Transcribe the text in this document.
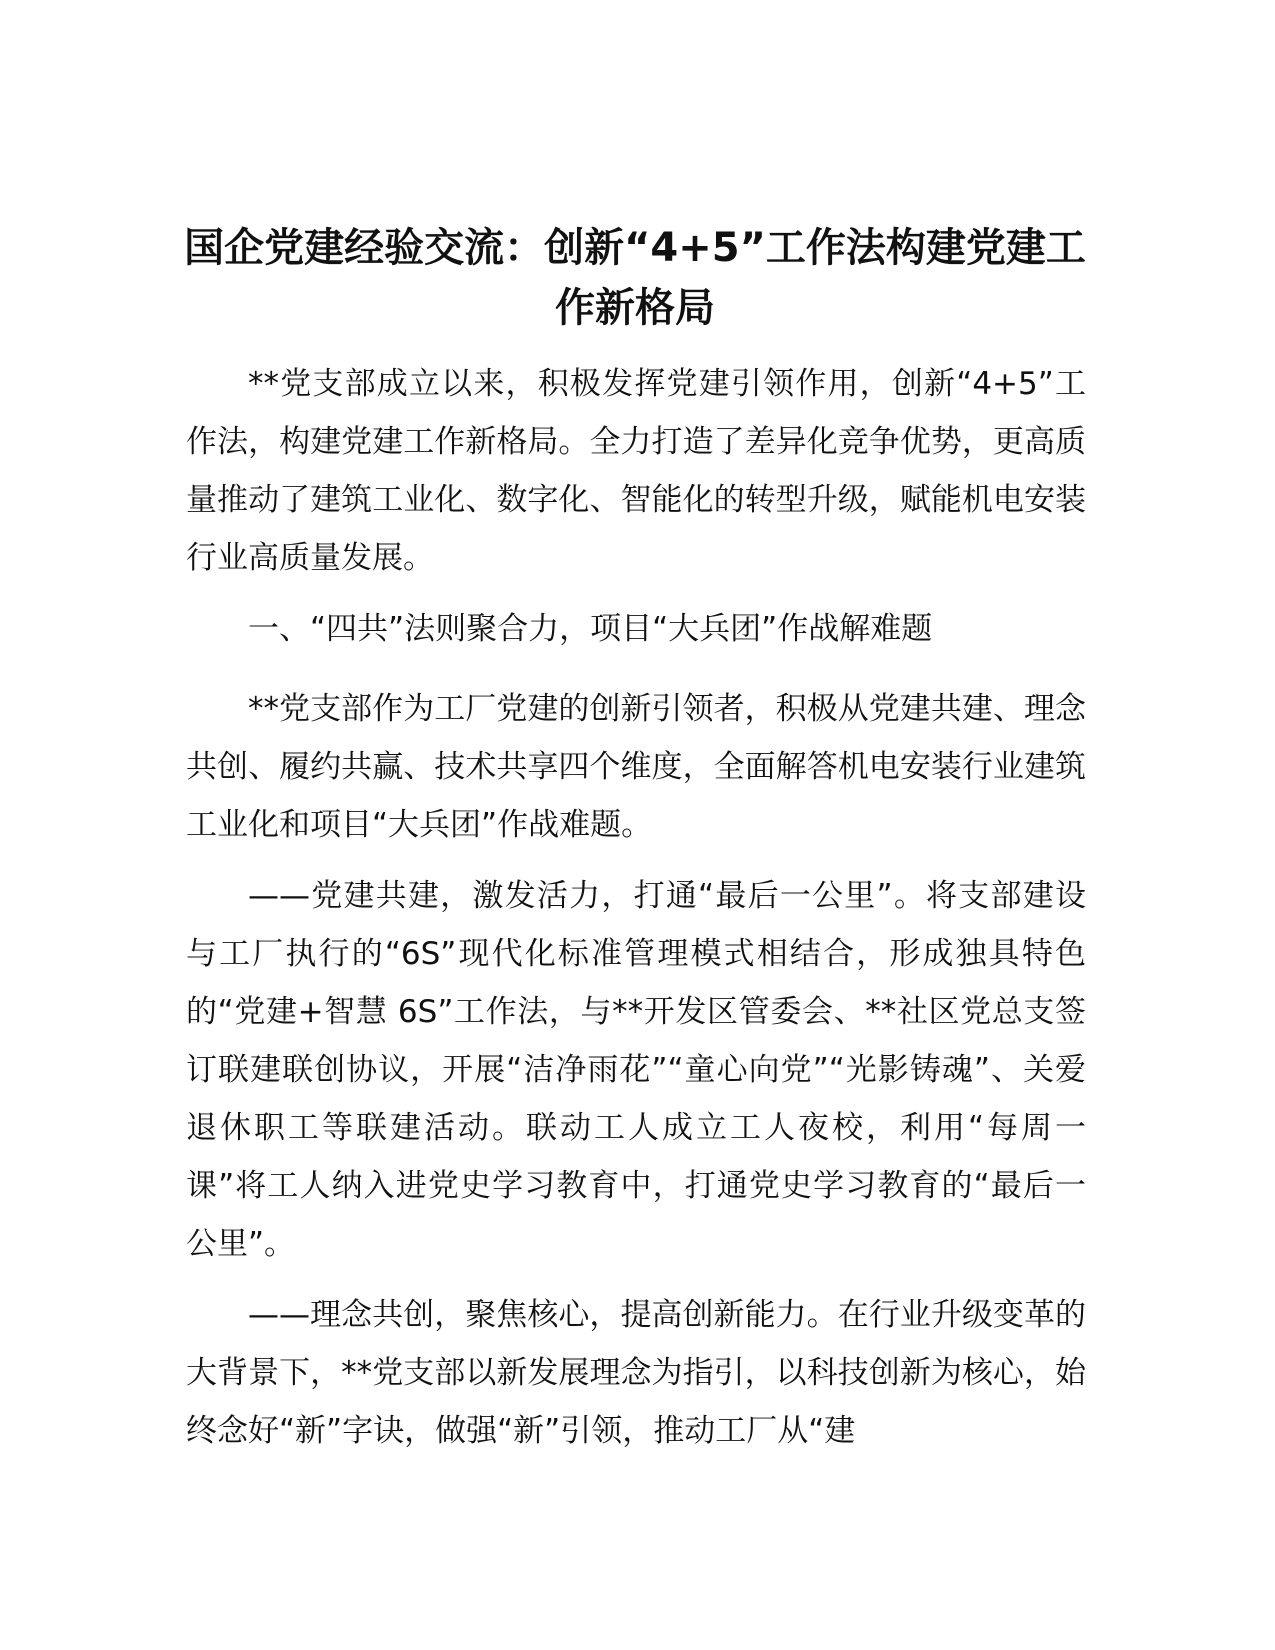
国企党建经验交流：创新“4+5”工作法构建党建工作新格局

**党支部成立以来，积极发挥党建引领作用，创新“4+5”工作法，构建党建工作新格局。全力打造了差异化竞争优势，更高质量推动了建筑工业化、数字化、智能化的转型升级，赋能机电安装行业高质量发展。

一、“四共”法则聚合力，项目“大兵团”作战解难题

**党支部作为工厂党建的创新引领者，积极从党建共建、理念共创、履约共赢、技术共享四个维度，全面解答机电安装行业建筑工业化和项目“大兵团”作战难题。

——党建共建，激发活力，打通“最后一公里”。将支部建设与工厂执行的“6S”现代化标准管理模式相结合，形成独具特色的“党建+智慧 6S”工作法，与**开发区管委会、**社区党总支签订联建联创协议，开展“洁净雨花”“童心向党”“光影铸魂”、关爱退休职工等联建活动。联动工人成立工人夜校，利用“每周一课”将工人纳入进党史学习教育中，打通党史学习教育的“最后一公里”。

——理念共创，聚焦核心，提高创新能力。在行业升级变革的大背景下，**党支部以新发展理念为指引，以科技创新为核心，始终念好“新”字诀，做强“新”引领，推动工厂从“建
